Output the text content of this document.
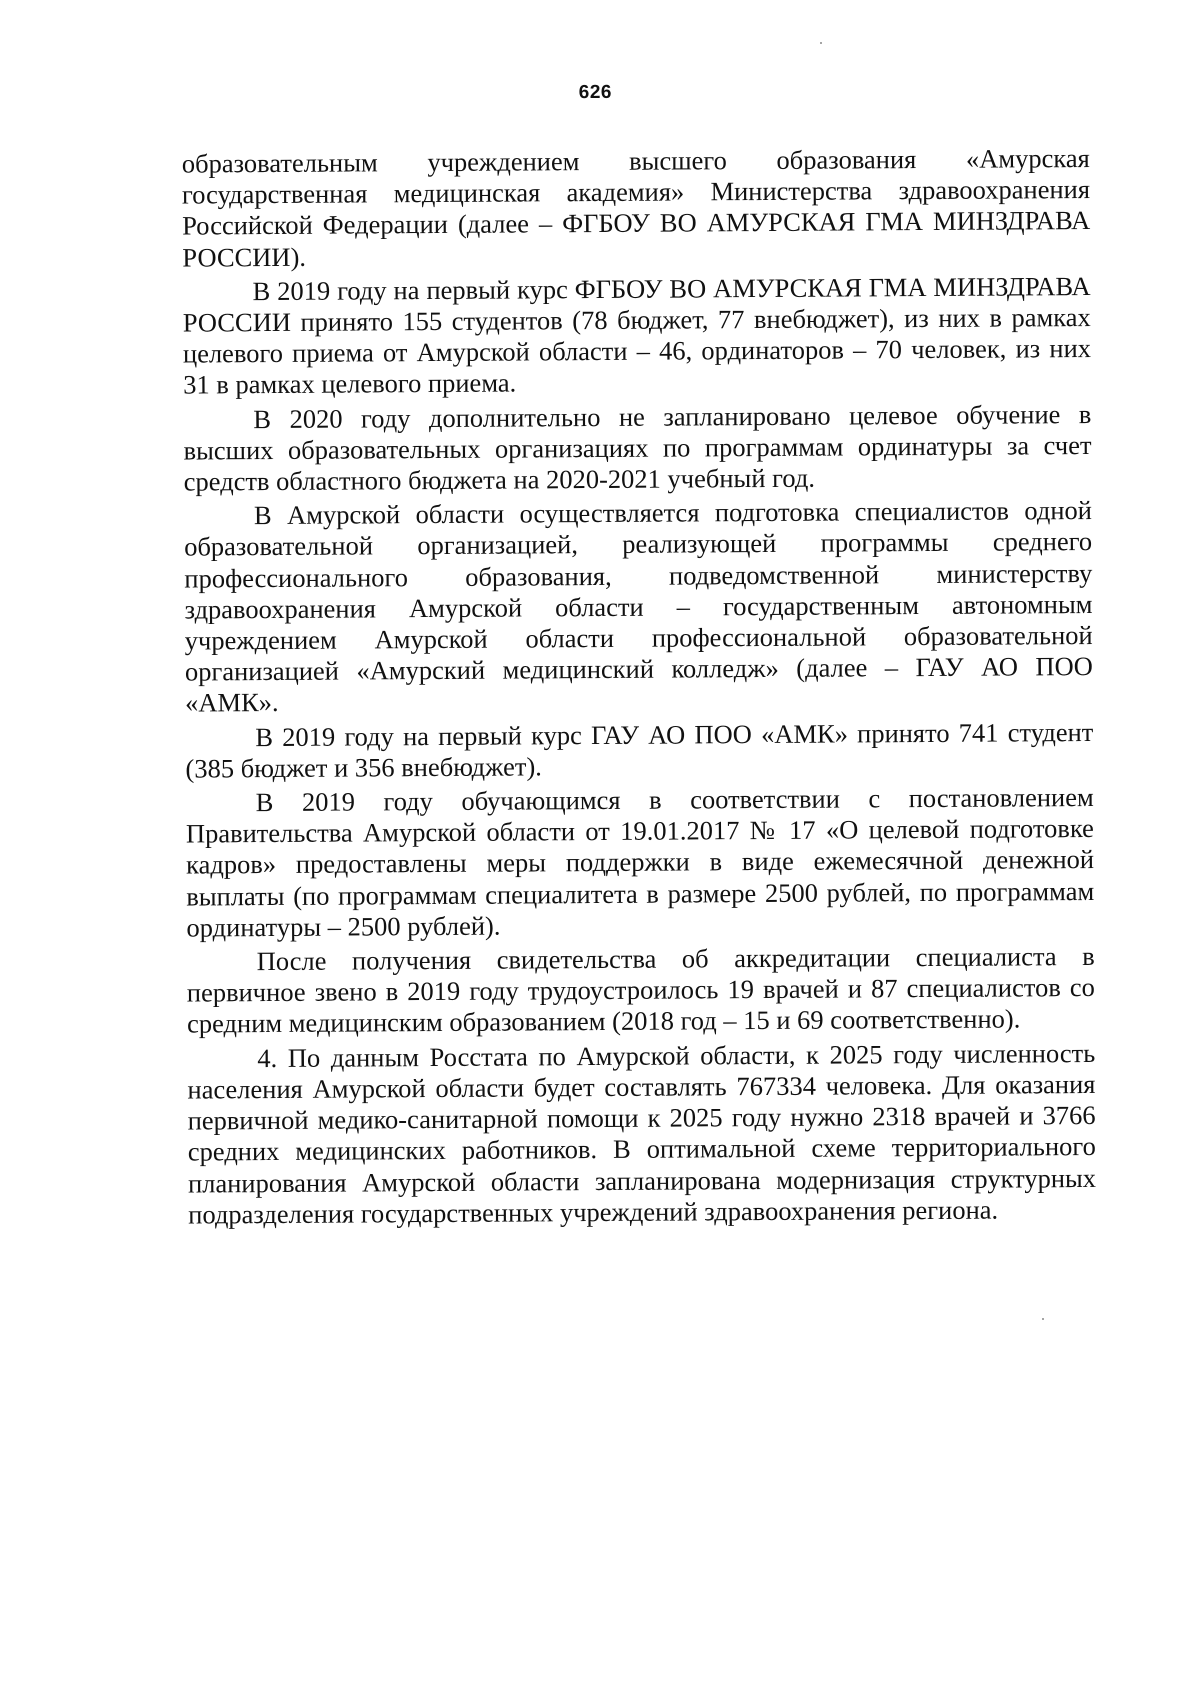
626

образовательным учреждением высшего образования «Амурская государственная медицинская академия» Министерства здравоохранения Российской Федерации (далее – ФГБОУ ВО АМУРСКАЯ ГМА МИНЗДРАВА РОССИИ).

В 2019 году на первый курс ФГБОУ ВО АМУРСКАЯ ГМА МИНЗДРАВА РОССИИ принято 155 студентов (78 бюджет, 77 внебюджет), из них в рамках целевого приема от Амурской области – 46, ординаторов – 70 человек, из них 31 в рамках целевого приема.

В 2020 году дополнительно не запланировано целевое обучение в высших образовательных организациях по программам ординатуры за счет средств областного бюджета на 2020-2021 учебный год.

В Амурской области осуществляется подготовка специалистов одной образовательной организацией, реализующей программы среднего профессионального образования, подведомственной министерству здравоохранения Амурской области – государственным автономным учреждением Амурской области профессиональной образовательной организацией «Амурский медицинский колледж» (далее – ГАУ АО ПОО «АМК».

В 2019 году на первый курс ГАУ АО ПОО «АМК» принято 741 студент (385 бюджет и 356 внебюджет).

В 2019 году обучающимся в соответствии с постановлением Правительства Амурской области от 19.01.2017 № 17 «О целевой подготовке кадров» предоставлены меры поддержки в виде ежемесячной денежной выплаты (по программам специалитета в размере 2500 рублей, по программам ординатуры – 2500 рублей).

После получения свидетельства об аккредитации специалиста в первичное звено в 2019 году трудоустроилось 19 врачей и 87 специалистов со средним медицинским образованием (2018 год – 15 и 69 соответственно).

4. По данным Росстата по Амурской области, к 2025 году численность населения Амурской области будет составлять 767334 человека. Для оказания первичной медико-санитарной помощи к 2025 году нужно 2318 врачей и 3766 средних медицинских работников. В оптимальной схеме территориального планирования Амурской области запланирована модернизация структурных подразделения государственных учреждений здравоохранения региона.
